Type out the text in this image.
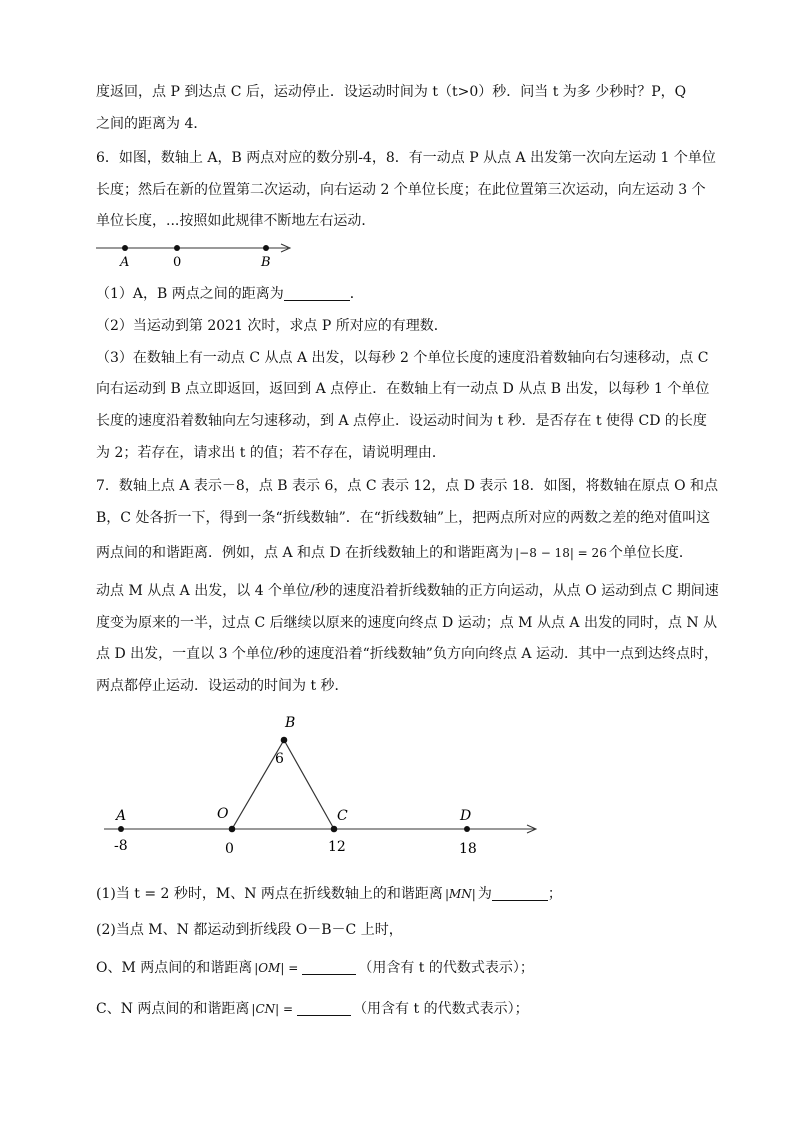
度返回，点 P 到达点 C 后，运动停止．设运动时间为 t（t>0）秒．问当 t 为多 少秒时？P，Q
之间的距离为 4．
6．如图，数轴上 A，B 两点对应的数分别-4，8．有一动点 P 从点 A 出发第一次向左运动 1 个单位
长度；然后在新的位置第二次运动，向右运动 2 个单位长度；在此位置第三次运动，向左运动 3 个
单位长度，...按照如此规律不断地左右运动．
A	0	B
（1）A，B 两点之间的距离为	．
（2）当运动到第 2021 次时，求点 P 所对应的有理数．
（3）在数轴上有一动点 C 从点 A 出发，以每秒 2 个单位长度的速度沿着数轴向右匀速移动，点 C
向右运动到 B 点立即返回，返回到 A 点停止．在数轴上有一动点 D 从点 B 出发，以每秒 1 个单位
长度的速度沿着数轴向左匀速移动，到 A 点停止．设运动时间为 t 秒．是否存在 t 使得 CD 的长度
为 2；若存在，请求出 t 的值；若不存在，请说明理由．
7．数轴上点 A 表示－8，点 B 表示 6，点 C 表示 12，点 D 表示 18．如图，将数轴在原点 O 和点
B，C 处各折一下，得到一条“折线数轴”．在“折线数轴”上，把两点所对应的两数之差的绝对值叫这
两点间的和谐距离．例如，点 A 和点 D 在折线数轴上的和谐距离为 |−8 − 18| = 26 个单位长度．
动点 M 从点 A 出发，以 4 个单位/秒的速度沿着折线数轴的正方向运动，从点 O 运动到点 C 期间速
度变为原来的一半，过点 C 后继续以原来的速度向终点 D 运动；点 M 从点 A 出发的同时，点 N 从
点 D 出发，一直以 3 个单位/秒的速度沿着“折线数轴”负方向向终点 A 运动．其中一点到达终点时，
两点都停止运动．设运动的时间为 t 秒．
A
-8
O
0
B
6
C
12
D
18
(1)当 t = 2 秒时，M、N 两点在折线数轴上的和谐距离 |MN| 为	；
(2)当点 M、N 都运动到折线段 O－B－C 上时，
O、M 两点间的和谐距离 |OM| =	（用含有 t 的代数式表示）；
C、N 两点间的和谐距离 |CN| =	（用含有 t 的代数式表示）；
